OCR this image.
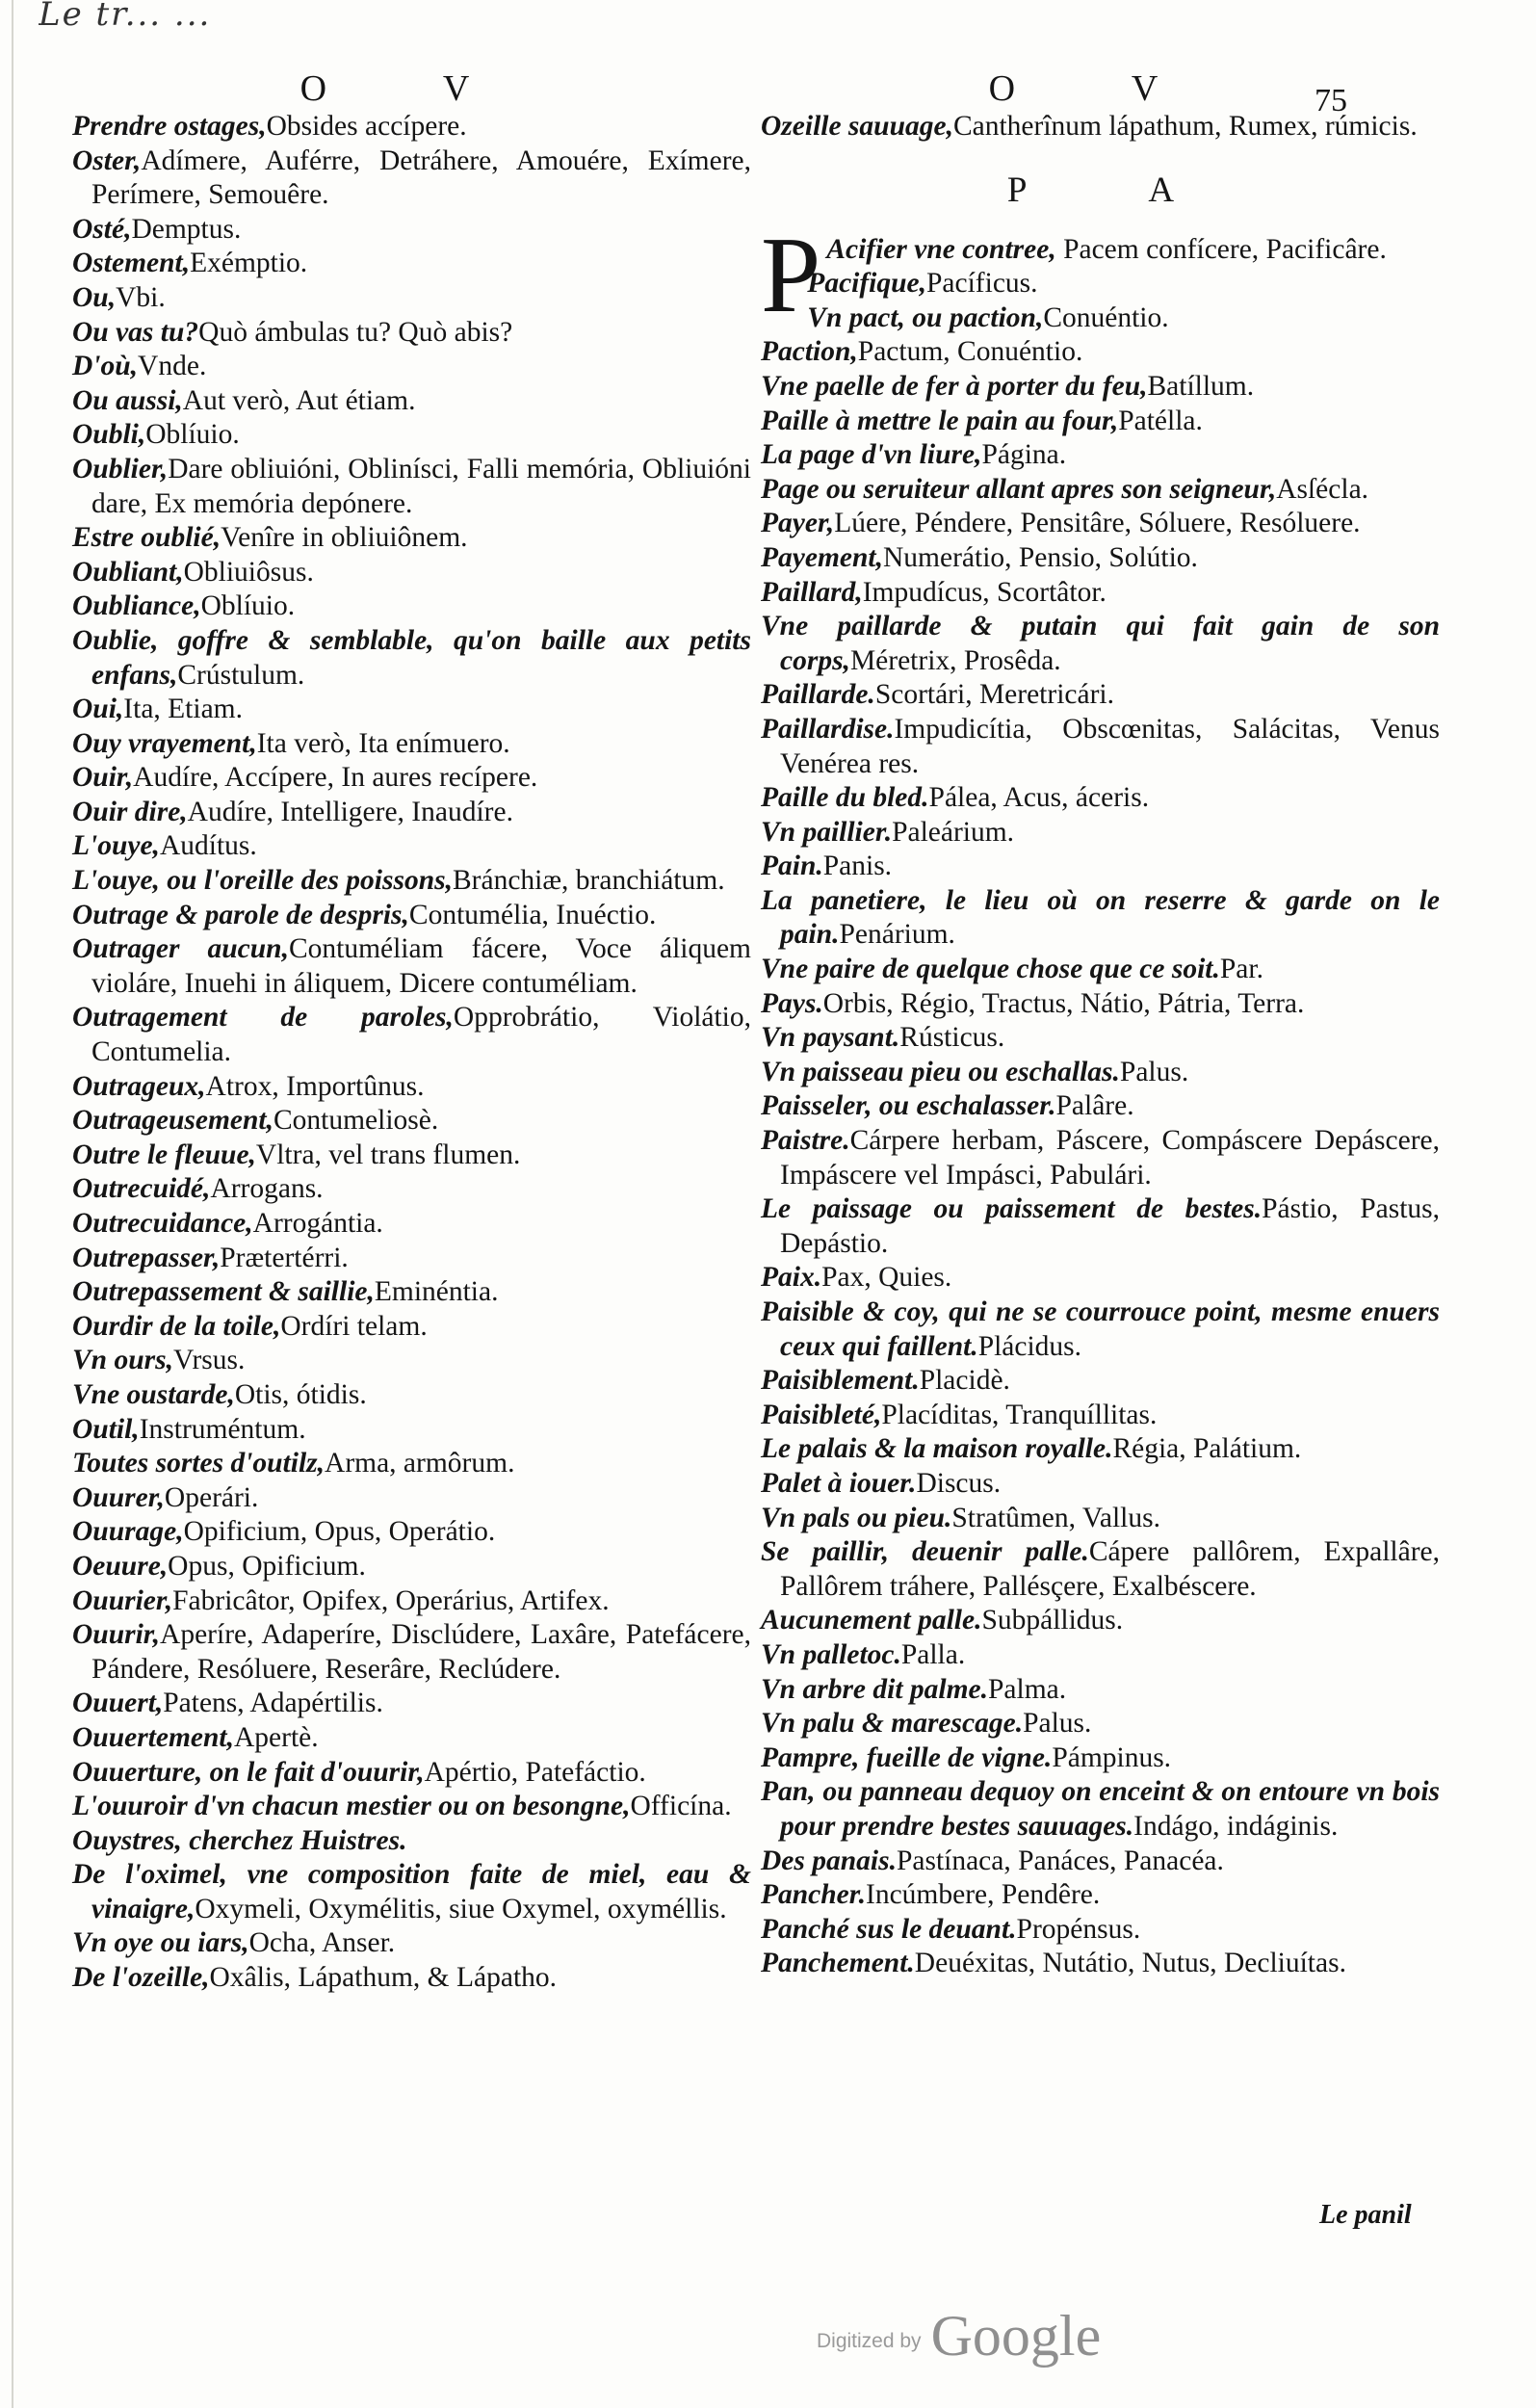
Le tr... ...
75
O V

Prendre ostages,Obsides accípere.

Oster,Adímere, Auférre, Detráhere, Amouére, Exímere, Perímere, Semouêre.

Osté,Demptus.

Ostement,Exémptio.

Ou,Vbi.

Ou vas tu?Quò ámbulas tu? Quò abis?

D'où,Vnde.

Ou aussi,Aut verò, Aut étiam.

Oubli,Oblíuio.

Oublier,Dare obliuióni, Oblinísci, Falli memória, Obliuióni dare, Ex memória depónere.

Estre oublié,Venîre in obliuiônem.

Oubliant,Obliuiôsus.

Oubliance,Oblíuio.

Oublie, goffre & semblable, qu'on baille aux petits enfans,Crústulum.

Oui,Ita, Etiam.

Ouy vrayement,Ita verò, Ita enímuero.

Ouir,Audíre, Accípere, In aures recípere.

Ouir dire,Audíre, Intelligere, Inaudíre.

L'ouye,Audítus.

L'ouye, ou l'oreille des poissons,Bránchiæ, branchiátum.

Outrage & parole de despris,Contumélia, Inuéctio.

Outrager aucun,Contuméliam fácere, Voce áliquem violáre, Inuehi in áliquem, Dicere contuméliam.

Outragement de paroles,Opprobrátio, Violátio, Contumelia.

Outrageux,Atrox, Importûnus.

Outrageusement,Contumeliosè.

Outre le fleuue,Vltra, vel trans flumen.

Outrecuidé,Arrogans.

Outrecuidance,Arrogántia.

Outrepasser,Prætertérri.

Outrepassement & saillie,Eminéntia.

Ourdir de la toile,Ordíri telam.

Vn ours,Vrsus.

Vne oustarde,Otis, ótidis.

Outil,Instruméntum.

Toutes sortes d'outilz,Arma, armôrum.

Ouurer,Operári.

Ouurage,Opificium, Opus, Operátio.

Oeuure,Opus, Opificium.

Ouurier,Fabricâtor, Opifex, Operárius, Artifex.

Ouurir,Aperíre, Adaperíre, Disclúdere, Laxâre, Patefácere, Pándere, Resóluere, Reserâre, Reclúdere.

Ouuert,Patens, Adapértilis.

Ouuertement,Apertè.

Ouuerture, on le fait d'ouurir,Apértio, Patefáctio.

L'ouuroir d'vn chacun mestier ou on besongne,Officína.

Ouystres, cherchez Huistres.

De l'oximel, vne composition faite de miel, eau & vinaigre,Oxymeli, Oxymélitis, siue Oxymel, oxyméllis.

Vn oye ou iars,Ocha, Anser.

De l'ozeille,Oxâlis, Lápathum, & Lápatho.

O V

Ozeille sauuage,Cantherînum lápathum, Rumex, rúmicis.

P A

P Acifier vne contree, Pacem confícere, Pacificâre.

Pacifique,Pacíficus.

Vn pact, ou paction,Conuéntio.

Paction,Pactum, Conuéntio.

Vne paelle de fer à porter du feu,Batíllum.

Paille à mettre le pain au four,Patélla.

La page d'vn liure,Página.

Page ou seruiteur allant apres son seigneur,Asſécla.

Payer,Lúere, Péndere, Pensitâre, Sóluere, Resóluere.

Payement,Numerátio, Pensio, Solútio.

Paillard,Impudícus, Scortâtor.

Vne paillarde & putain qui fait gain de son corps,Méretrix, Prosêda.

Paillarde.Scortári, Meretricári.

Paillardise.Impudicítia, Obscœnitas, Salácitas, Venus Venérea res.

Paille du bled.Pálea, Acus, áceris.

Vn paillier.Paleárium.

Pain.Panis.

La panetiere, le lieu où on reserre & garde on le pain.Penárium.

Vne paire de quelque chose que ce soit.Par.

Pays.Orbis, Régio, Tractus, Nátio, Pátria, Terra.

Vn paysant.Rústicus.

Vn paisseau pieu ou eschallas.Palus.

Paisseler, ou eschalasser.Palâre.

Paistre.Cárpere herbam, Páscere, Compáscere Depáscere, Impáscere vel Impásci, Pabulári.

Le paissage ou paissement de bestes.Pástio, Pastus, Depástio.

Paix.Pax, Quies.

Paisible & coy, qui ne se courrouce point, mesme enuers ceux qui faillent.Plácidus.

Paisiblement.Placidè.

Paisibleté,Placíditas, Tranquíllitas.

Le palais & la maison royalle.Régia, Palátium.

Palet à iouer.Discus.

Vn pals ou pieu.Stratûmen, Vallus.

Se paillir, deuenir palle.Cápere pallôrem, Expallâre, Pallôrem tráhere, Pallésçere, Exalbéscere.

Aucunement palle.Subpállidus.

Vn palletoc.Palla.

Vn arbre dit palme.Palma.

Vn palu & marescage.Palus.

Pampre, fueille de vigne.Pámpinus.

Pan, ou panneau dequoy on enceint & on entoure vn bois pour prendre bestes sauuages.Indágo, indáginis.

Des panais.Pastínaca, Panáces, Panacéa.

Pancher.Incúmbere, Pendêre.

Panché sus le deuant.Propénsus.

Panchement.Deuéxitas, Nutátio, Nutus, Decliuítas.

Le panil
Digitized by Google
